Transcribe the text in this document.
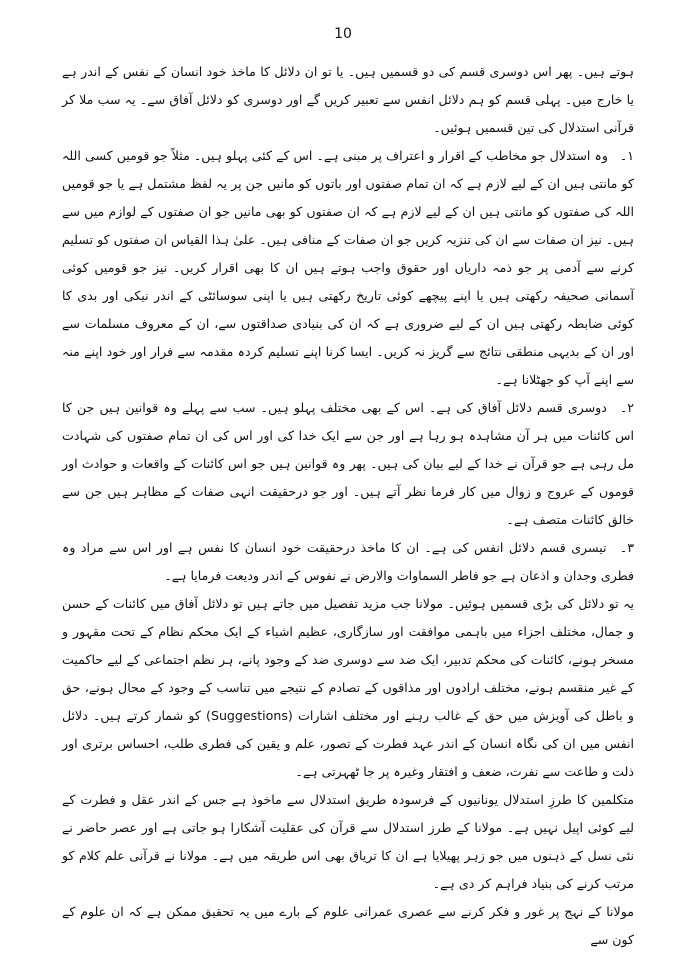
10

ہوتے ہیں۔ پھر اس دوسری قسم کی دو قسمیں ہیں۔ یا تو ان دلائل کا ماخذ خود انسان کے نفس کے اندر ہے یا خارج میں۔ پہلی قسم کو ہم دلائل انفس سے تعبیر کریں گے اور دوسری کو دلائل آفاق سے۔ یہ سب ملا کر قرآنی استدلال کی تین قسمیں ہوئیں۔

۱۔ وہ استدلال جو مخاطب کے اقرار و اعتراف پر مبنی ہے۔ اس کے کئی پہلو ہیں۔ مثلاً جو قومیں کسی اللہ کو مانتی ہیں ان کے لیے لازم ہے کہ ان تمام صفتوں اور باتوں کو مانیں جن پر یہ لفظ مشتمل ہے یا جو قومیں اللہ کی صفتوں کو مانتی ہیں ان کے لیے لازم ہے کہ ان صفتوں کو بھی مانیں جو ان صفتوں کے لوازم میں سے ہیں۔ نیز ان صفات سے ان کی تنزیہ کریں جو ان صفات کے منافی ہیں۔ علیٰ ہذا القیاس ان صفتوں کو تسلیم کرنے سے آدمی پر جو ذمہ داریاں اور حقوق واجب ہوتے ہیں ان کا بھی اقرار کریں۔ نیز جو قومیں کوئی آسمانی صحیفہ رکھتی ہیں یا اپنے پیچھے کوئی تاریخ رکھتی ہیں یا اپنی سوسائٹی کے اندر نیکی اور بدی کا کوئی ضابطہ رکھتی ہیں ان کے لیے ضروری ہے کہ ان کی بنیادی صداقتوں سے، ان کے معروف مسلمات سے اور ان کے بدیہی منطقی نتائج سے گریز نہ کریں۔ ایسا کرنا اپنے تسلیم کردہ مقدمہ سے فرار اور خود اپنے منہ سے اپنے آپ کو جھٹلانا ہے۔

۲۔ دوسری قسم دلائل آفاق کی ہے۔ اس کے بھی مختلف پہلو ہیں۔ سب سے پہلے وہ قوانین ہیں جن کا اس کائنات میں ہر آن مشاہدہ ہو رہا ہے اور جن سے ایک خدا کی اور اس کی ان تمام صفتوں کی شہادت مل رہی ہے جو قرآن نے خدا کے لیے بیان کی ہیں۔ پھر وہ قوانین ہیں جو اس کائنات کے واقعات و حوادث اور قوموں کے عروج و زوال میں کار فرما نظر آتے ہیں۔ اور جو درحقیقت انہی صفات کے مظاہر ہیں جن سے خالق کائنات متصف ہے۔

۳۔ تیسری قسم دلائل انفس کی ہے۔ ان کا ماخذ درحقیقت خود انسان کا نفس ہے اور اس سے مراد وہ فطری وجدان و اذعان ہے جو فاطر السماوات والارض نے نفوس کے اندر ودیعت فرمایا ہے۔

یہ تو دلائل کی بڑی قسمیں ہوئیں۔ مولانا جب مزید تفصیل میں جاتے ہیں تو دلائل آفاق میں کائنات کے حسن و جمال، مختلف اجزاء میں باہمی موافقت اور سازگاری، عظیم اشیاء کے ایک محکم نظام کے تحت مقہور و مسخر ہونے، کائنات کی محکم تدبیر، ایک ضد سے دوسری ضد کے وجود پانے، ہر نظم اجتماعی کے لیے حاکمیت کے غیر منقسم ہونے، مختلف ارادوں اور مذاقوں کے تصادم کے نتیجے میں تناسب کے وجود کے محال ہونے، حق و باطل کی آویزش میں حق کے غالب رہنے اور مختلف اشارات (Suggestions) کو شمار کرتے ہیں۔ دلائل انفس میں ان کی نگاہ انسان کے اندر عہد فطرت کے تصور، علم و یقین کی فطری طلب، احساس برتری اور ذلت و طاعت سے نفرت، ضعف و افتقار وغیرہ پر جا ٹھہرتی ہے۔

متکلمین کا طرزِ استدلال یونانیوں کے فرسودہ طریق استدلال سے ماخوذ ہے جس کے اندر عقل و فطرت کے لیے کوئی اپیل نہیں ہے۔ مولانا کے طرز استدلال سے قرآن کی عقلیت آشکارا ہو جاتی ہے اور عصر حاضر نے نئی نسل کے ذہنوں میں جو زہر پھیلایا ہے ان کا تریاق بھی اس طریقہ میں ہے۔ مولانا نے قرآنی علم کلام کو مرتب کرنے کی بنیاد فراہم کر دی ہے۔

مولانا کے نہج پر غور و فکر کرنے سے عصری عمرانی علوم کے بارے میں یہ تحقیق ممکن ہے کہ ان علوم کے کون سے
